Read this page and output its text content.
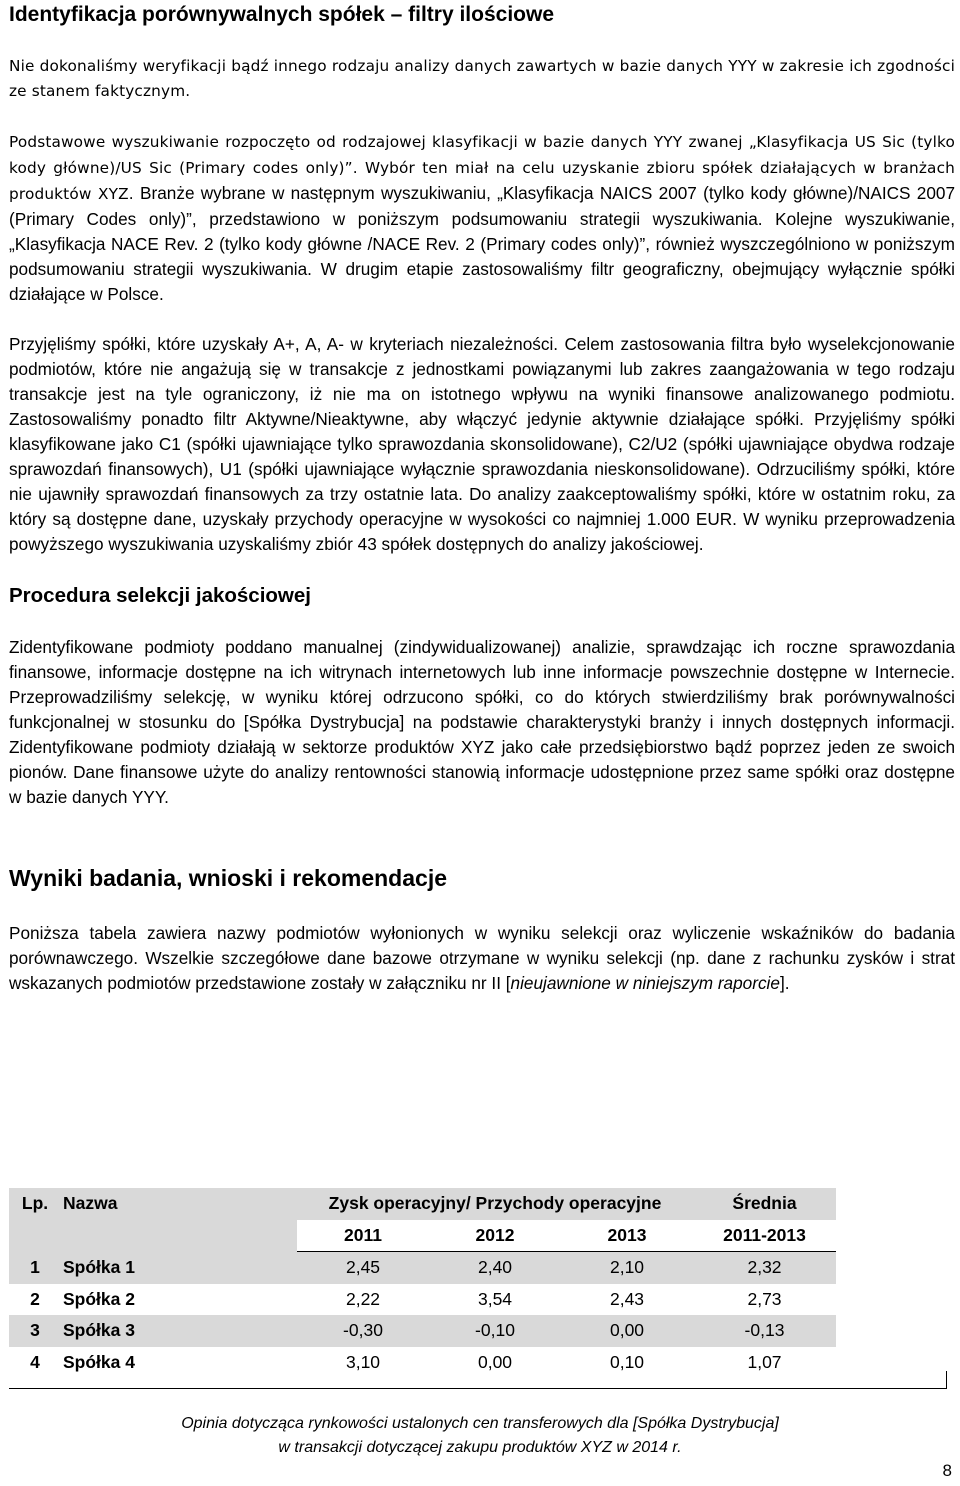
Identyfikacja porównywalnych spółek – filtry ilościowe

Nie dokonaliśmy weryfikacji bądź innego rodzaju analizy danych zawartych w bazie danych YYY w zakresie ich zgodności ze stanem faktycznym.

Podstawowe wyszukiwanie rozpoczęto od rodzajowej klasyfikacji w bazie danych YYY zwanej „Klasyfikacja US Sic (tylko kody główne)/US Sic (Primary codes only)”. Wybór ten miał na celu uzyskanie zbioru spółek działających w branżach produktów XYZ. Branże wybrane w następnym wyszukiwaniu, „Klasyfikacja NAICS 2007 (tylko kody główne)/NAICS 2007 (Primary Codes only)”, przedstawiono w poniższym podsumowaniu strategii wyszukiwania. Kolejne wyszukiwanie, „Klasyfikacja NACE Rev. 2 (tylko kody główne /NACE Rev. 2 (Primary codes only)”, również wyszczególniono w poniższym podsumowaniu strategii wyszukiwania. W drugim etapie zastosowaliśmy filtr geograficzny, obejmujący wyłącznie spółki działające w Polsce.

Przyjęliśmy spółki, które uzyskały A+, A, A- w kryteriach niezależności. Celem zastosowania filtra było wyselekcjonowanie podmiotów, które nie angażują się w transakcje z jednostkami powiązanymi lub zakres zaangażowania w tego rodzaju transakcje jest na tyle ograniczony, iż nie ma on istotnego wpływu na wyniki finansowe analizowanego podmiotu. Zastosowaliśmy ponadto filtr Aktywne/Nieaktywne, aby włączyć jedynie aktywnie działające spółki. Przyjęliśmy spółki klasyfikowane jako C1 (spółki ujawniające tylko sprawozdania skonsolidowane), C2/U2 (spółki ujawniające obydwa rodzaje sprawozdań finansowych), U1 (spółki ujawniające wyłącznie sprawozdania nieskonsolidowane). Odrzuciliśmy spółki, które nie ujawniły sprawozdań finansowych za trzy ostatnie lata. Do analizy zaakceptowaliśmy spółki, które w ostatnim roku, za który są dostępne dane, uzyskały przychody operacyjne w wysokości co najmniej 1.000 EUR. W wyniku przeprowadzenia powyższego wyszukiwania uzyskaliśmy zbiór 43 spółek dostępnych do analizy jakościowej.

Procedura selekcji jakościowej

Zidentyfikowane podmioty poddano manualnej (zindywidualizowanej) analizie, sprawdzając ich roczne sprawozdania finansowe, informacje dostępne na ich witrynach internetowych lub inne informacje powszechnie dostępne w Internecie. Przeprowadziliśmy selekcję, w wyniku której odrzucono spółki, co do których stwierdziliśmy brak porównywalności funkcjonalnej w stosunku do [Spółka Dystrybucja] na podstawie charakterystyki branży i innych dostępnych informacji. Zidentyfikowane podmioty działają w sektorze produktów XYZ jako całe przedsiębiorstwo bądź poprzez jeden ze swoich pionów. Dane finansowe użyte do analizy rentowności stanowią informacje udostępnione przez same spółki oraz dostępne w bazie danych YYY.

Wyniki badania, wnioski i rekomendacje

Poniższa tabela zawiera nazwy podmiotów wyłonionych w wyniku selekcji oraz wyliczenie wskaźników do badania porównawczego. Wszelkie szczegółowe dane bazowe otrzymane w wyniku selekcji (np. dane z rachunku zysków i strat wskazanych podmiotów przedstawione zostały w załączniku nr II [nieujawnione w niniejszym raporcie].

Lp.	Nazwa	Zysk operacyjny/ Przychody operacyjne			Średnia
		2011	2012	2013	2011-2013
1	Spółka 1	2,45	2,40	2,10	2,32
2	Spółka 2	2,22	3,54	2,43	2,73
3	Spółka 3	-0,30	-0,10	0,00	-0,13
4	Spółka 4	3,10	0,00	0,10	1,07
Opinia dotycząca rynkowości ustalonych cen transferowych dla [Spółka Dystrybucja]
w transakcji dotyczącej zakupu produktów XYZ w 2014 r.
8
